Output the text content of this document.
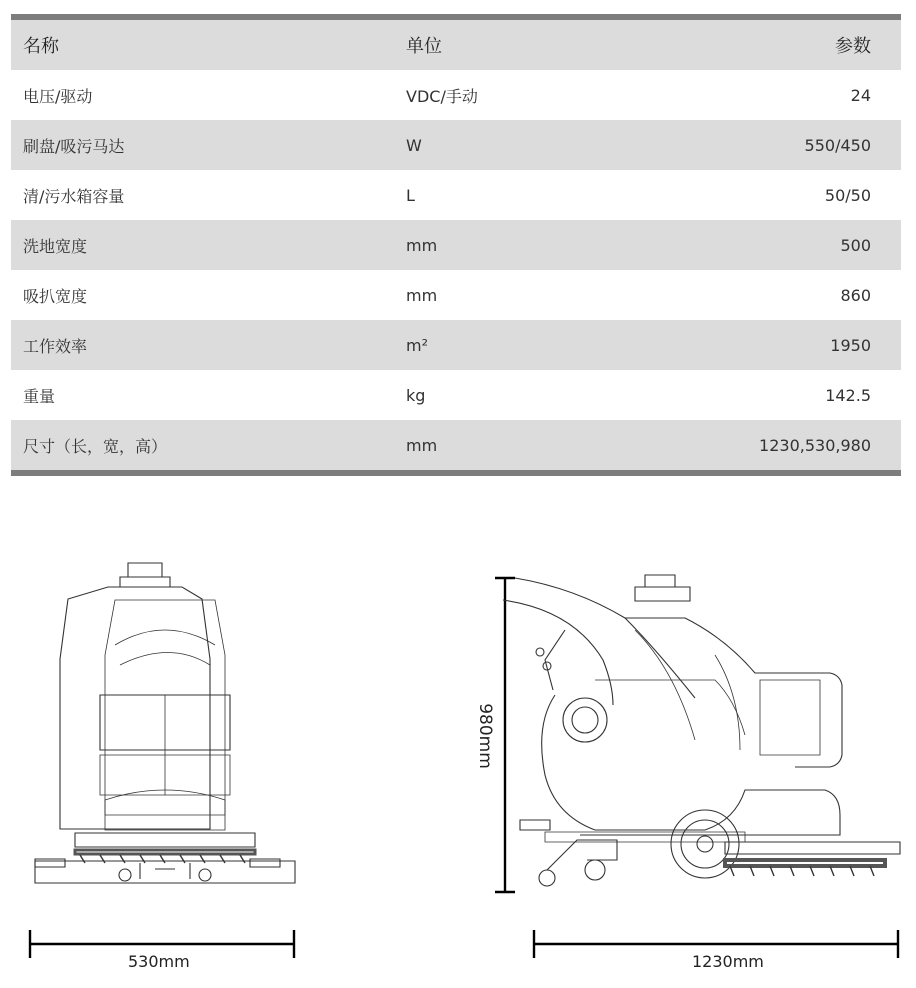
名称	单位	参数
电压/驱动	VDC/手动	24
刷盘/吸污马达	W	550/450
清/污水箱容量	L	50/50
洗地宽度	mm	500
吸扒宽度	mm	860
工作效率	m²	1950
重量	kg	142.5
尺寸（长，宽，高）	mm	1230,530,980
980mm
530mm	1230mm
